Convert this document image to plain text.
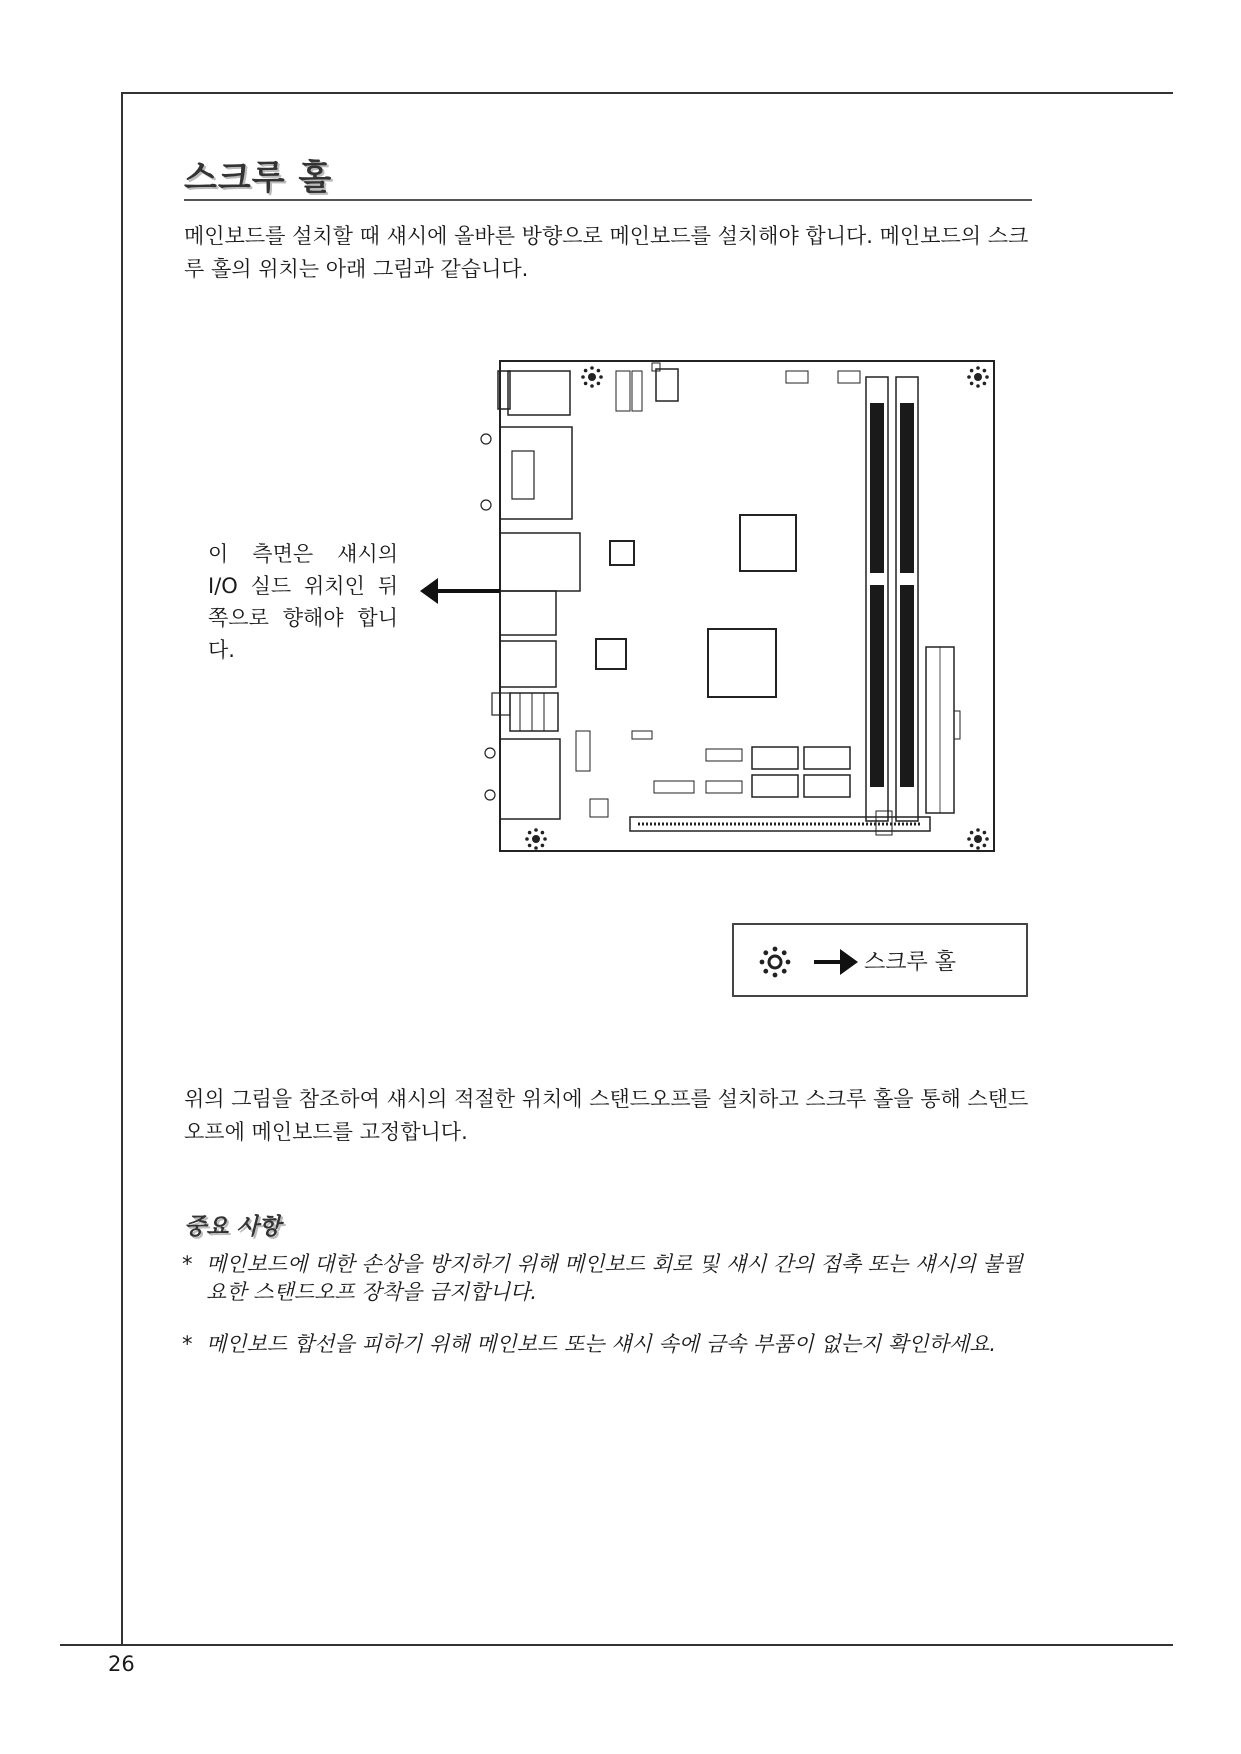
스크루 홀

메인보드를 설치할 때 섀시에 올바른 방향으로 메인보드를 설치해야 합니다. 메인보드의 스크루 홀의 위치는 아래 그림과 같습니다.

이 측면은 섀시의 I/O 실드 위치인 뒤쪽으로 향해야 합니다.

스크루 홀

위의 그림을 참조하여 섀시의 적절한 위치에 스탠드오프를 설치하고 스크루 홀을 통해 스탠드오프에 메인보드를 고정합니다.

중요 사항
* 메인보드에 대한 손상을 방지하기 위해 메인보드 회로 및 섀시 간의 접촉 또는 섀시의 불필요한 스탠드오프 장착을 금지합니다.
* 메인보드 합선을 피하기 위해 메인보드 또는 섀시 속에 금속 부품이 없는지 확인하세요.
26
